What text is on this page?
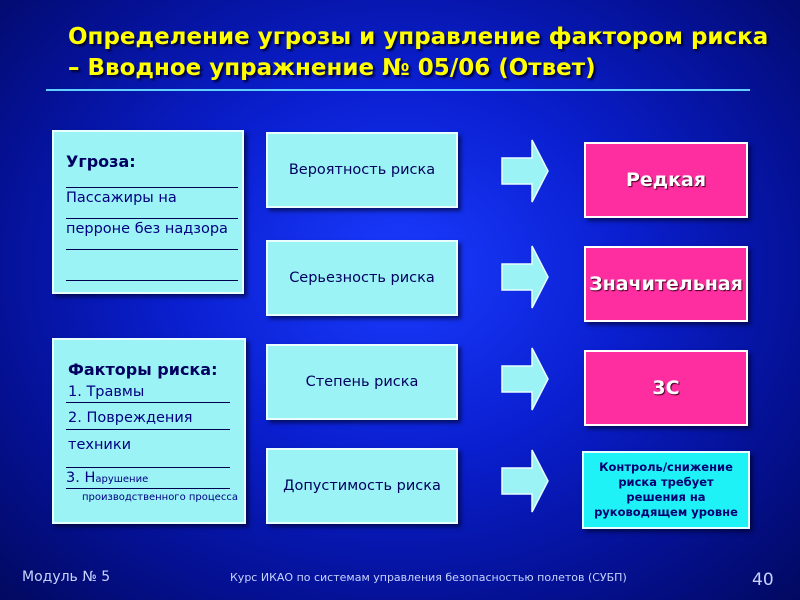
Определение угрозы и управление фактором риска
– Вводное упражнение № 05/06 (Ответ)
Угроза:
Пассажиры на
перроне без надзора
Факторы риска:
1. Травмы
2. Повреждения
техники
3. Нарушение
производственного процесса
Вероятность риска
Серьезность риска
Степень риска
Допустимость риска
Редкая
Значительная
3С
Контроль/снижение
риска требует
решения на
руководящем уровне
Модуль № 5	Курс ИКАО по системам управления безопасностью полетов (СУБП)	40
